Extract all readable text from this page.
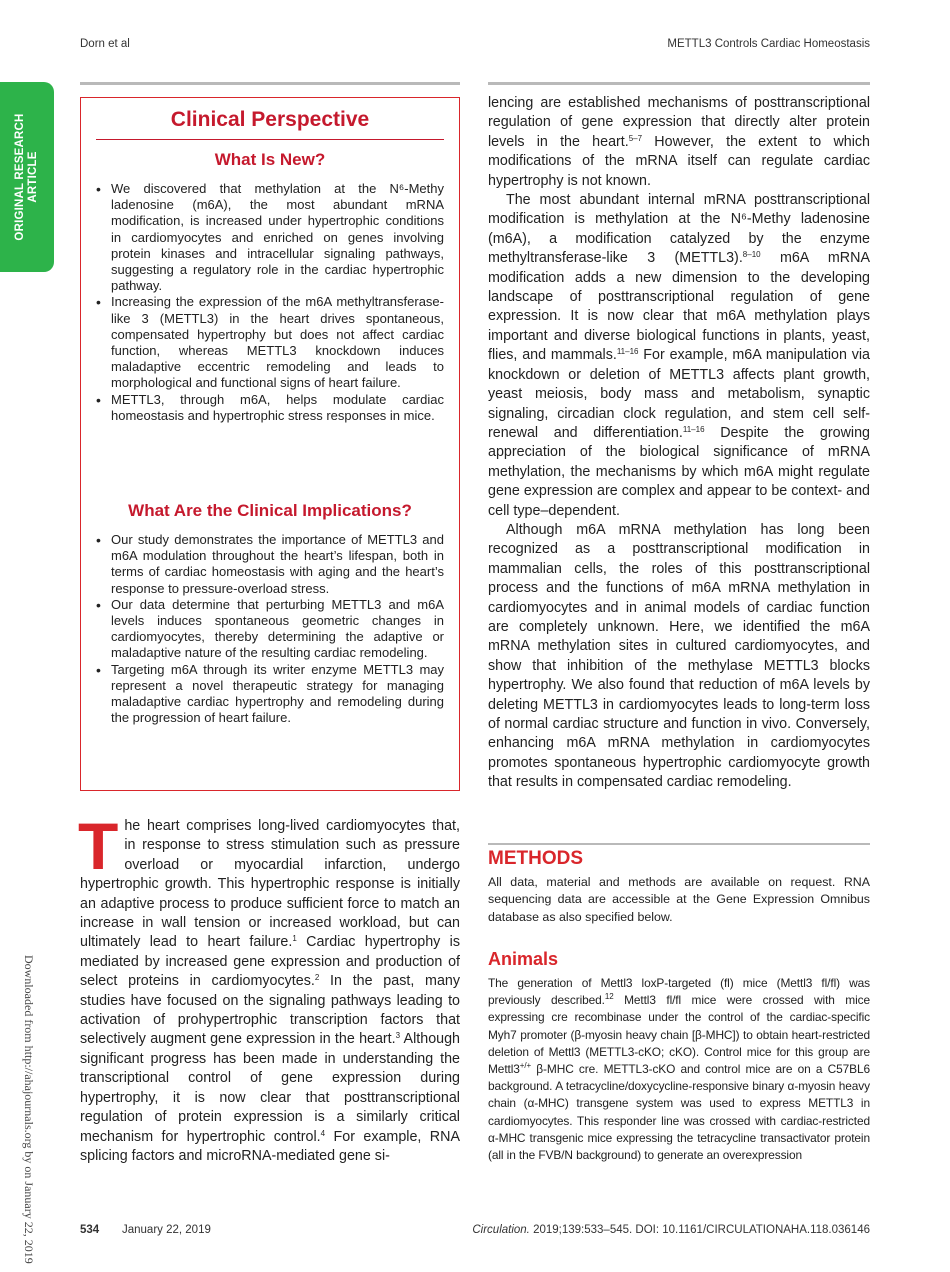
Dorn et al	METTL3 Controls Cardiac Homeostasis
ORIGINAL RESEARCH ARTICLE
Downloaded from http://ahajournals.org by on January 22, 2019
Clinical Perspective
What Is New?
• We discovered that methylation at the N⁶-Methy ladenosine (m6A), the most abundant mRNA modification, is increased under hypertrophic conditions in cardiomyocytes and enriched on genes involving protein kinases and intracellular signaling pathways, suggesting a regulatory role in the cardiac hypertrophic pathway.
• Increasing the expression of the m6A methyltransferase-like 3 (METTL3) in the heart drives spontaneous, compensated hypertrophy but does not affect cardiac function, whereas METTL3 knockdown induces maladaptive eccentric remodeling and leads to morphological and functional signs of heart failure.
• METTL3, through m6A, helps modulate cardiac homeostasis and hypertrophic stress responses in mice.
What Are the Clinical Implications?
• Our study demonstrates the importance of METTL3 and m6A modulation throughout the heart’s lifespan, both in terms of cardiac homeostasis with aging and the heart’s response to pressure-overload stress.
• Our data determine that perturbing METTL3 and m6A levels induces spontaneous geometric changes in cardiomyocytes, thereby determining the adaptive or maladaptive nature of the resulting cardiac remodeling.
• Targeting m6A through its writer enzyme METTL3 may represent a novel therapeutic strategy for managing maladaptive cardiac hypertrophy and remodeling during the progression of heart failure.

The heart comprises long-lived cardiomyocytes that, in response to stress stimulation such as pressure overload or myocardial infarction, undergo hypertrophic growth. This hypertrophic response is initially an adaptive process to produce sufficient force to match an increase in wall tension or increased workload, but can ultimately lead to heart failure.$^1$ Cardiac hypertrophy is mediated by increased gene expression and production of select proteins in cardiomyocytes.$^2$ In the past, many studies have focused on the signaling pathways leading to activation of prohypertrophic transcription factors that selectively augment gene expression in the heart.$^3$ Although significant progress has been made in understanding the transcriptional control of gene expression during hypertrophy, it is now clear that posttranscriptional regulation of protein expression is a similarly critical mechanism for hypertrophic control.$^4$ For example, RNA splicing factors and microRNA-mediated gene si-

lencing are established mechanisms of posttranscriptional regulation of gene expression that directly alter protein levels in the heart.$^{5-7}$ However, the extent to which modifications of the mRNA itself can regulate cardiac hypertrophy is not known.

The most abundant internal mRNA posttranscriptional modification is methylation at the N⁶-Methy ladenosine (m6A), a modification catalyzed by the enzyme methyltransferase-like 3 (METTL3).$^{8-10}$ m6A mRNA modification adds a new dimension to the developing landscape of posttranscriptional regulation of gene expression. It is now clear that m6A methylation plays important and diverse biological functions in plants, yeast, flies, and mammals.$^{11-16}$ For example, m6A manipulation via knockdown or deletion of METTL3 affects plant growth, yeast meiosis, body mass and metabolism, synaptic signaling, circadian clock regulation, and stem cell self-renewal and differentiation.$^{11-16}$ Despite the growing appreciation of the biological significance of mRNA methylation, the mechanisms by which m6A might regulate gene expression are complex and appear to be context- and cell type–dependent.

Although m6A mRNA methylation has long been recognized as a posttranscriptional modification in mammalian cells, the roles of this posttranscriptional process and the functions of m6A mRNA methylation in cardiomyocytes and in animal models of cardiac function are completely unknown. Here, we identified the m6A mRNA methylation sites in cultured cardiomyocytes, and show that inhibition of the methylase METTL3 blocks hypertrophy. We also found that reduction of m6A levels by deleting METTL3 in cardiomyocytes leads to long-term loss of normal cardiac structure and function in vivo. Conversely, enhancing m6A mRNA methylation in cardiomyocytes promotes spontaneous hypertrophic cardiomyocyte growth that results in compensated cardiac remodeling.

METHODS
All data, material and methods are available on request. RNA sequencing data are accessible at the Gene Expression Omnibus database as also specified below.
Animals
The generation of Mettl3 loxP-targeted (fl) mice (Mettl3 fl/fl) was previously described.$^{12}$ Mettl3 fl/fl mice were crossed with mice expressing cre recombinase under the control of the cardiac-specific Myh7 promoter (β-myosin heavy chain [β-MHC]) to obtain heart-restricted deletion of Mettl3 (METTL3-cKO; cKO). Control mice for this group are Mettl3+/+ β-MHC cre. METTL3-cKO and control mice are on a C57BL6 background. A tetracycline/doxycycline-responsive binary α-myosin heavy chain (α-MHC) transgene system was used to express METTL3 in cardiomyocytes. This responder line was crossed with cardiac-restricted α-MHC transgenic mice expressing the tetracycline transactivator protein (all in the FVB/N background) to generate an overexpression
534 January 22, 2019	Circulation. 2019;139:533–545. DOI: 10.1161/CIRCULATIONAHA.118.036146
